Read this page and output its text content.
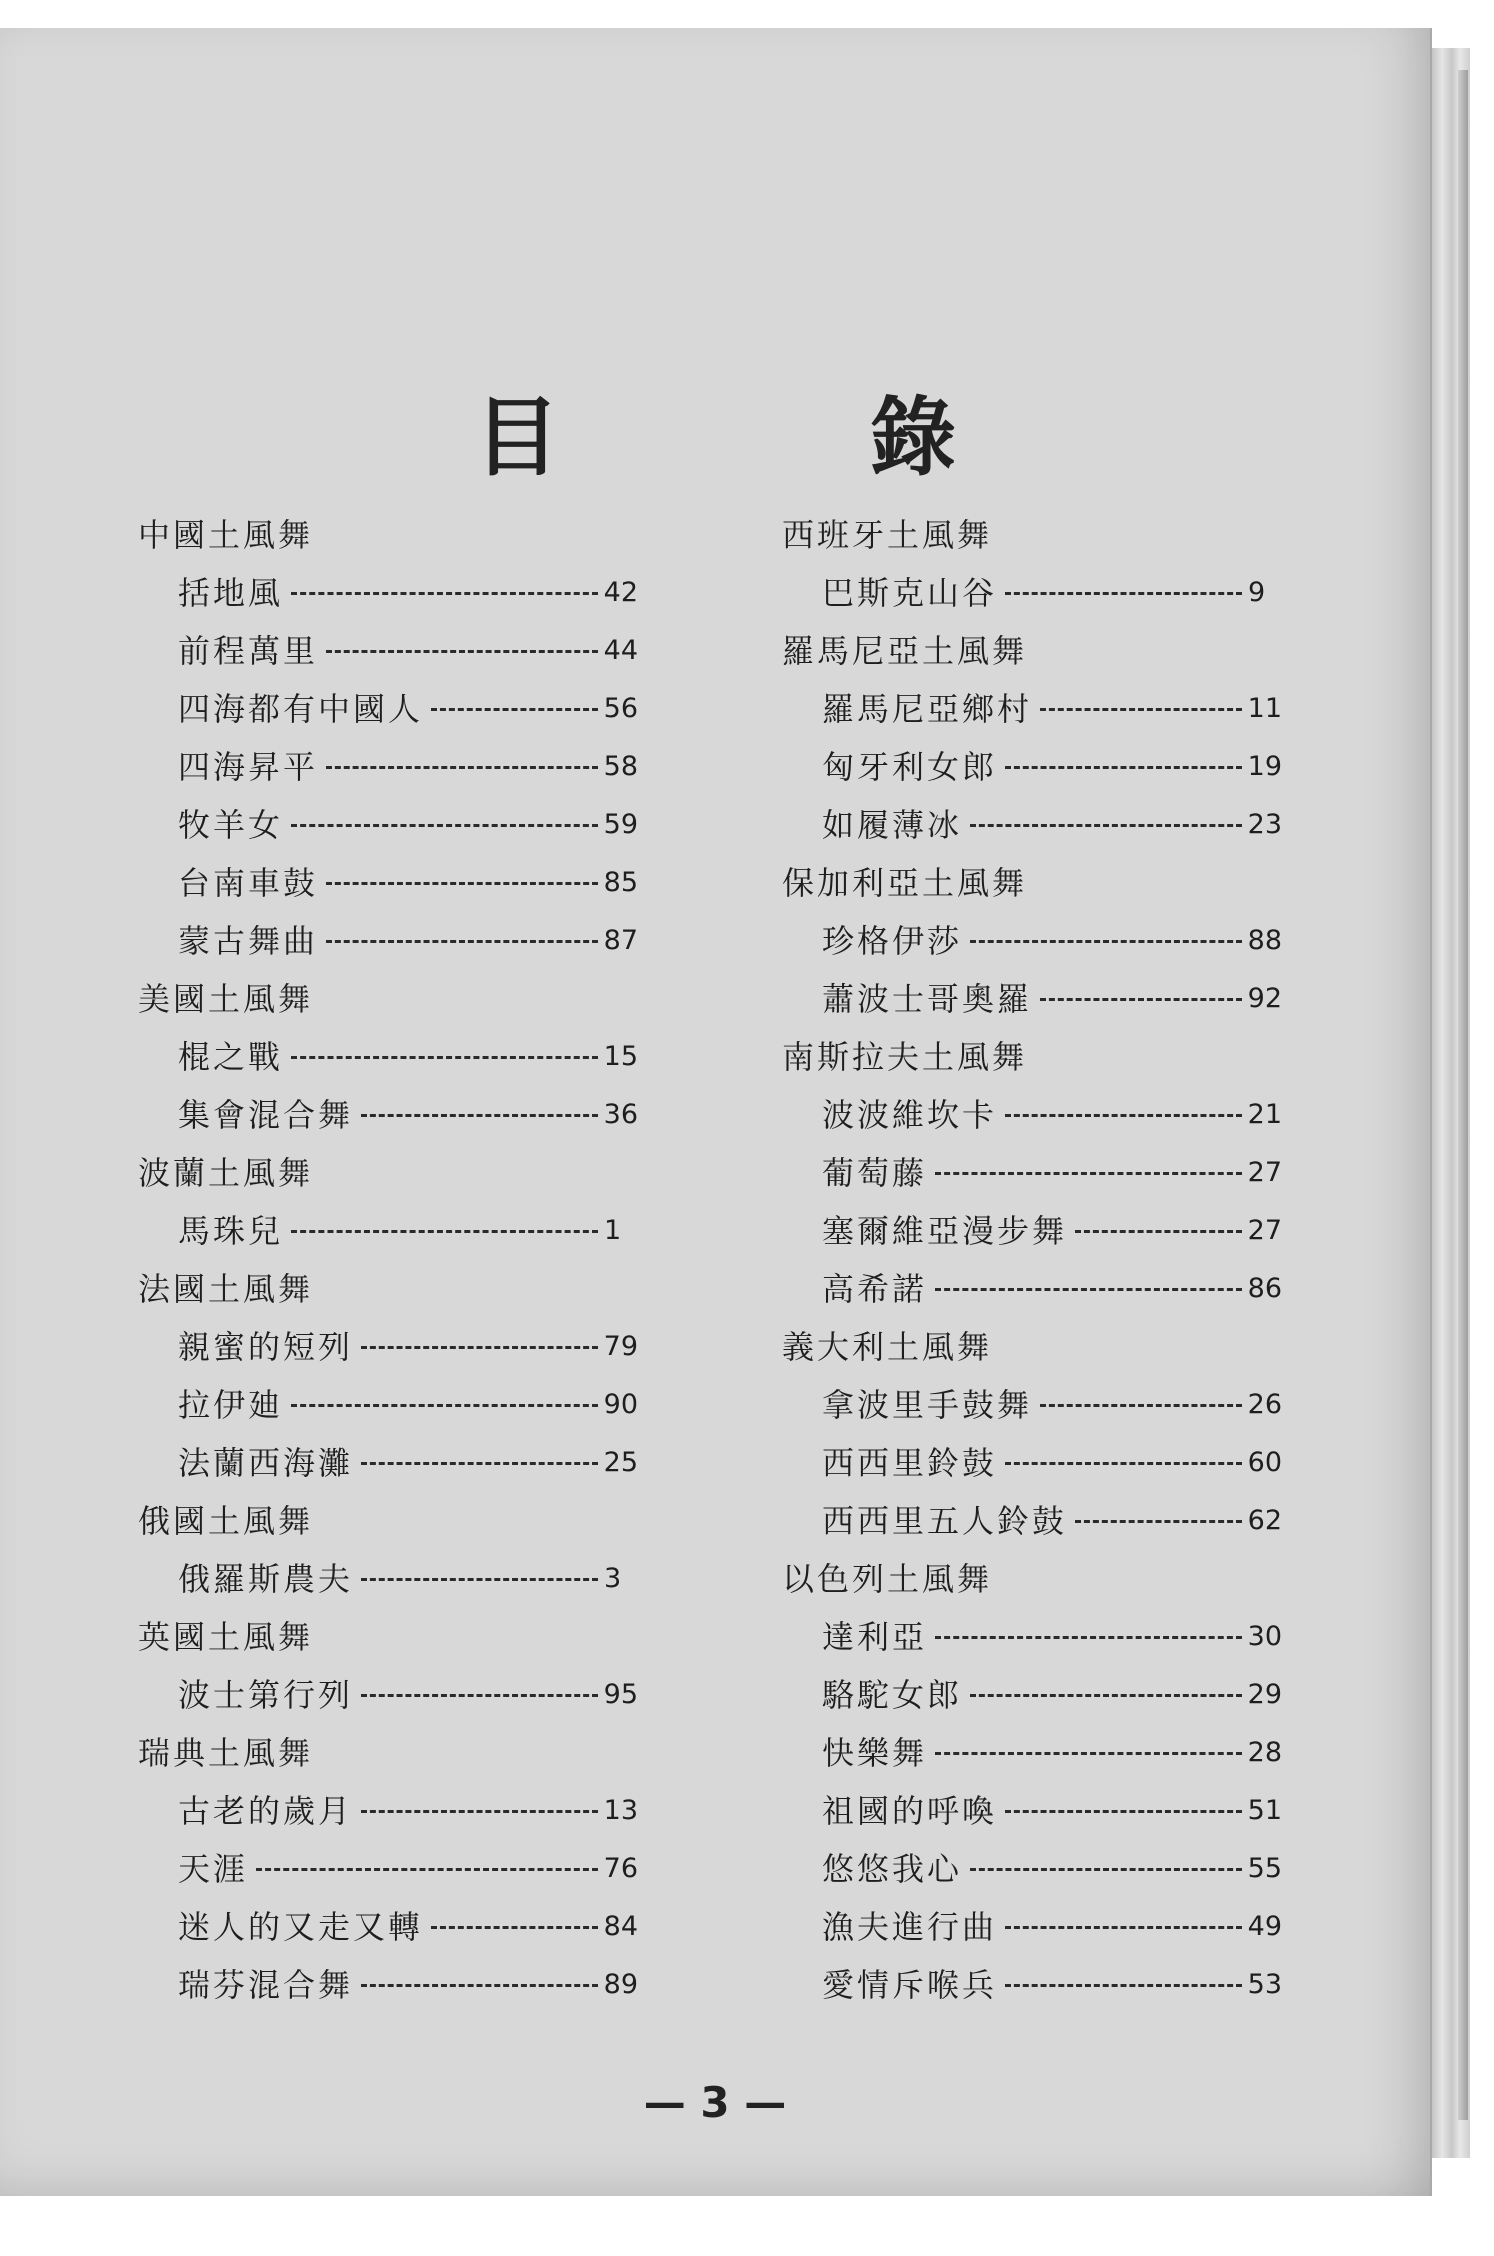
目 錄
中國土風舞
括地風	42
前程萬里	44
四海都有中國人	56
四海昇平	58
牧羊女	59
台南車鼓	85
蒙古舞曲	87
美國土風舞
棍之戰	15
集會混合舞	36
波蘭土風舞
馬珠兒	1
法國土風舞
親蜜的短列	79
拉伊廸	90
法蘭西海灘	25
俄國土風舞
俄羅斯農夫	3
英國土風舞
波士第行列	95
瑞典土風舞
古老的歲月	13
天涯	76
迷人的又走又轉	84
瑞芬混合舞	89
西班牙土風舞
巴斯克山谷	9
羅馬尼亞土風舞
羅馬尼亞鄉村	11
匈牙利女郎	19
如履薄冰	23
保加利亞土風舞
珍格伊莎	88
蕭波士哥奧羅	92
南斯拉夫土風舞
波波維坎卡	21
葡萄藤	27
塞爾維亞漫步舞	27
高希諾	86
義大利土風舞
拿波里手鼓舞	26
西西里鈴鼓	60
西西里五人鈴鼓	62
以色列土風舞
達利亞	30
駱駝女郎	29
快樂舞	28
祖國的呼喚	51
悠悠我心	55
漁夫進行曲	49
愛情斥喉兵	53
— 3 —
